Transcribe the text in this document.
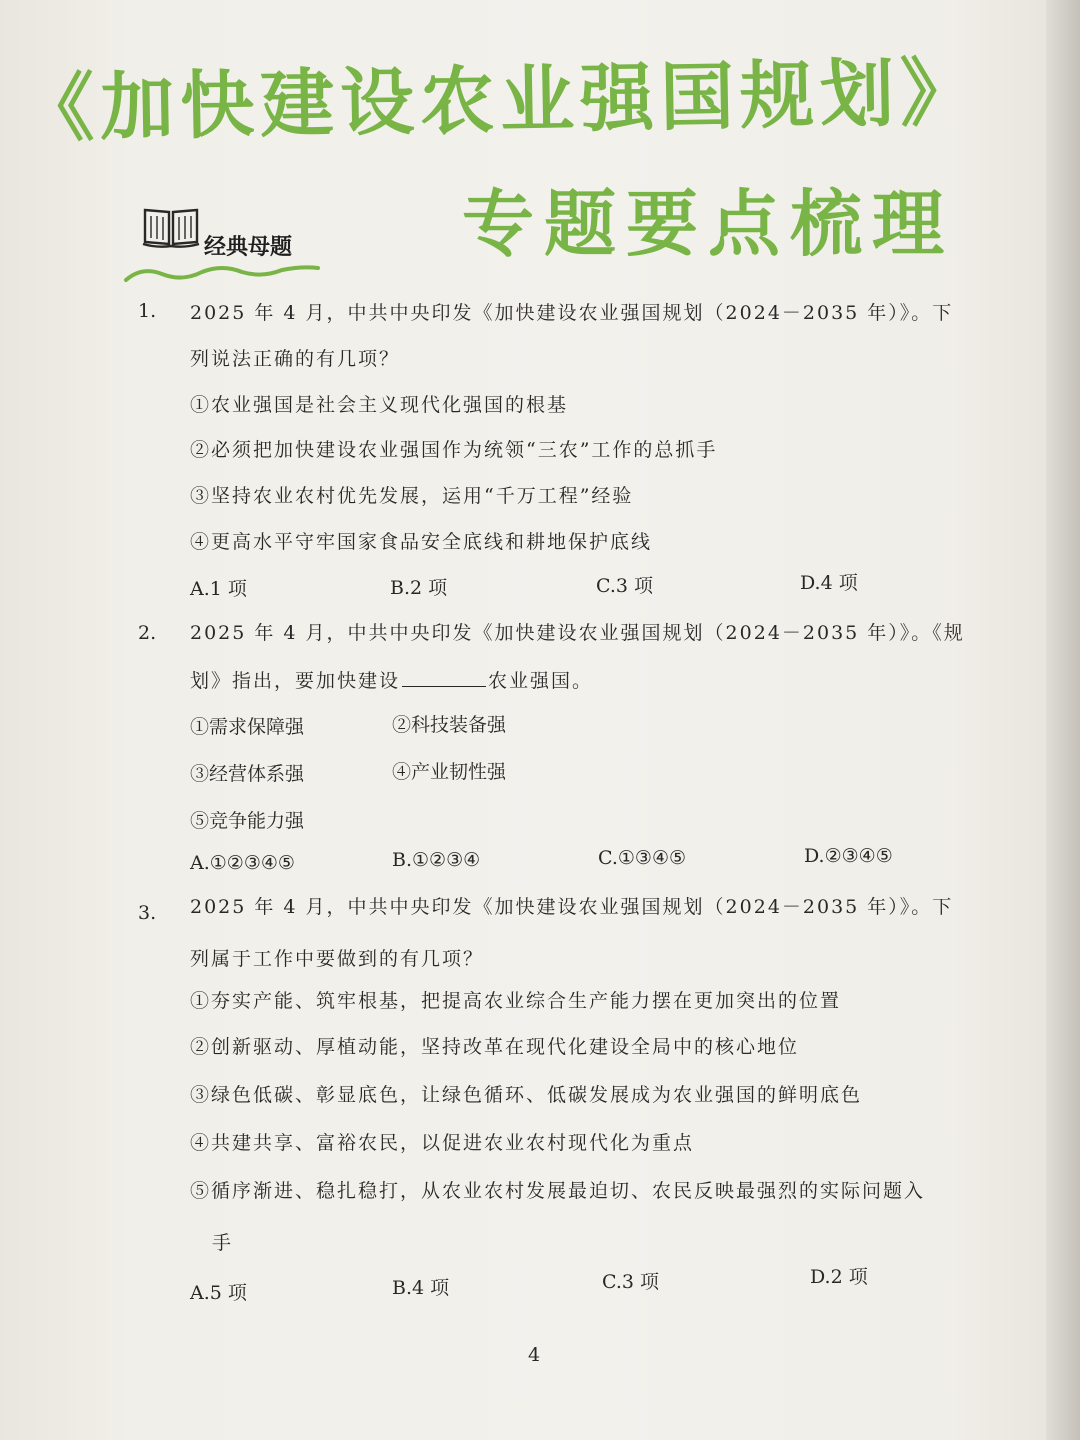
《加快建设农业强国规划》
专题要点梳理
经典母题
1. 2025 年 4 月，中共中央印发《加快建设农业强国规划（2024－2035 年）》。下
列说法正确的有几项？
①农业强国是社会主义现代化强国的根基
②必须把加快建设农业强国作为统领“三农”工作的总抓手
③坚持农业农村优先发展，运用“千万工程”经验
④更高水平守牢国家食品安全底线和耕地保护底线
A.1 项	B.2 项	C.3 项	D.4 项
2. 2025 年 4 月，中共中央印发《加快建设农业强国规划（2024－2035 年）》。《规
划》指出，要加快建设	农业强国。
①需求保障强	②科技装备强
③经营体系强	④产业韧性强
⑤竞争能力强
A.①②③④⑤	B.①②③④	C.①③④⑤	D.②③④⑤
3. 2025 年 4 月，中共中央印发《加快建设农业强国规划（2024－2035 年）》。下
列属于工作中要做到的有几项？
①夯实产能、筑牢根基，把提高农业综合生产能力摆在更加突出的位置
②创新驱动、厚植动能，坚持改革在现代化建设全局中的核心地位
③绿色低碳、彰显底色，让绿色循环、低碳发展成为农业强国的鲜明底色
④共建共享、富裕农民，以促进农业农村现代化为重点
⑤循序渐进、稳扎稳打，从农业农村发展最迫切、农民反映最强烈的实际问题入
手
A.5 项	B.4 项	C.3 项	D.2 项
4
